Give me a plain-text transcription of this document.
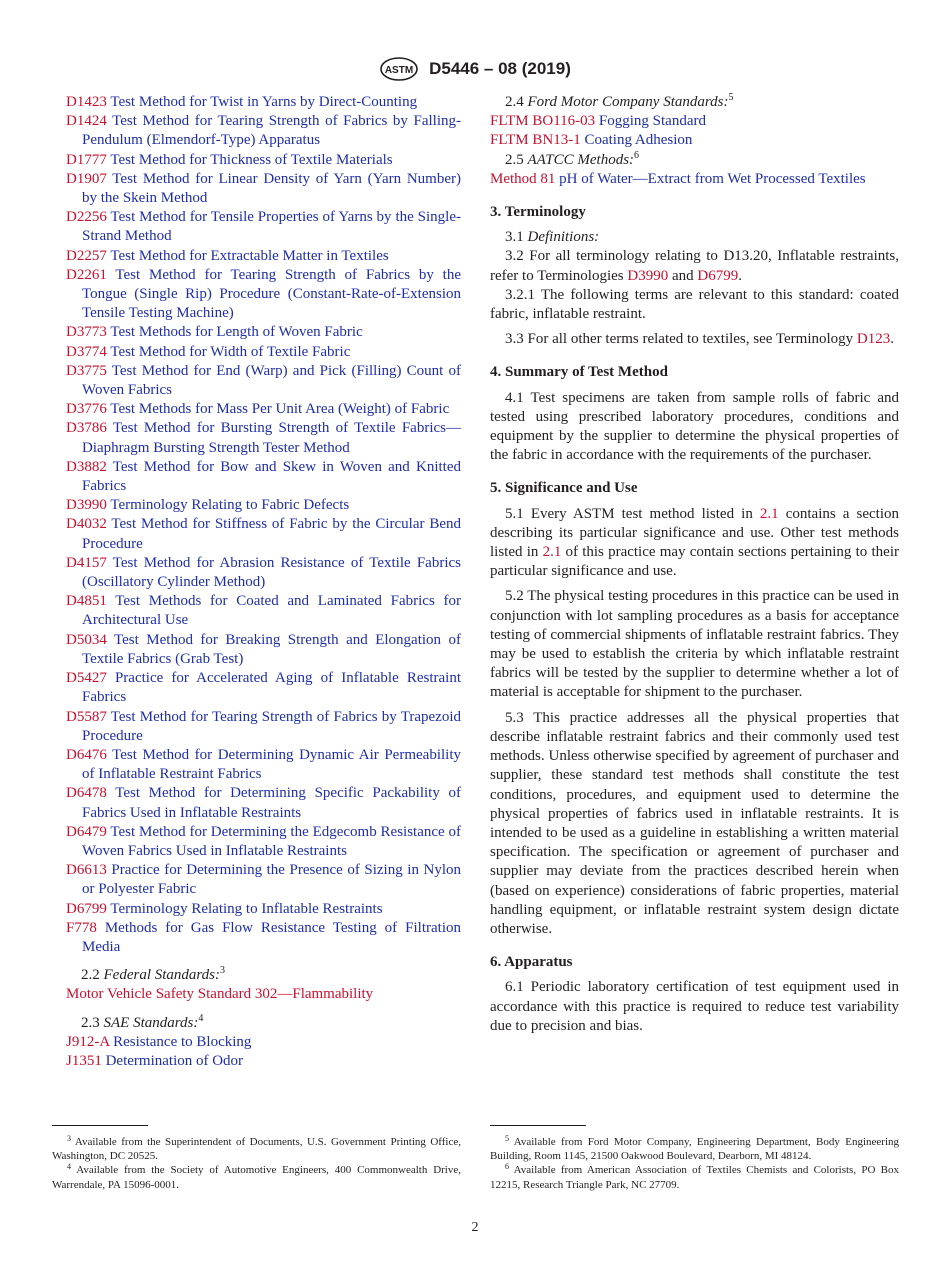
ASTM D5446 – 08 (2019)
D1423 Test Method for Twist in Yarns by Direct-Counting
D1424 Test Method for Tearing Strength of Fabrics by Falling-Pendulum (Elmendorf-Type) Apparatus
D1777 Test Method for Thickness of Textile Materials
D1907 Test Method for Linear Density of Yarn (Yarn Number) by the Skein Method
D2256 Test Method for Tensile Properties of Yarns by the Single-Strand Method
D2257 Test Method for Extractable Matter in Textiles
D2261 Test Method for Tearing Strength of Fabrics by the Tongue (Single Rip) Procedure (Constant-Rate-of-Extension Tensile Testing Machine)
D3773 Test Methods for Length of Woven Fabric
D3774 Test Method for Width of Textile Fabric
D3775 Test Method for End (Warp) and Pick (Filling) Count of Woven Fabrics
D3776 Test Methods for Mass Per Unit Area (Weight) of Fabric
D3786 Test Method for Bursting Strength of Textile Fabrics—Diaphragm Bursting Strength Tester Method
D3882 Test Method for Bow and Skew in Woven and Knitted Fabrics
D3990 Terminology Relating to Fabric Defects
D4032 Test Method for Stiffness of Fabric by the Circular Bend Procedure
D4157 Test Method for Abrasion Resistance of Textile Fabrics (Oscillatory Cylinder Method)
D4851 Test Methods for Coated and Laminated Fabrics for Architectural Use
D5034 Test Method for Breaking Strength and Elongation of Textile Fabrics (Grab Test)
D5427 Practice for Accelerated Aging of Inflatable Restraint Fabrics
D5587 Test Method for Tearing Strength of Fabrics by Trapezoid Procedure
D6476 Test Method for Determining Dynamic Air Permeability of Inflatable Restraint Fabrics
D6478 Test Method for Determining Specific Packability of Fabrics Used in Inflatable Restraints
D6479 Test Method for Determining the Edgecomb Resistance of Woven Fabrics Used in Inflatable Restraints
D6613 Practice for Determining the Presence of Sizing in Nylon or Polyester Fabric
D6799 Terminology Relating to Inflatable Restraints
F778 Methods for Gas Flow Resistance Testing of Filtration Media
2.2 Federal Standards:$^3$
Motor Vehicle Safety Standard 302—Flammability
2.3 SAE Standards:$^4$
J912-A Resistance to Blocking
J1351 Determination of Odor
2.4 Ford Motor Company Standards:$^5$
FLTM BO116-03 Fogging Standard
FLTM BN13-1 Coating Adhesion
2.5 AATCC Methods:$^6$
Method 81 pH of Water—Extract from Wet Processed Textiles
3. Terminology
3.1 Definitions:
3.2 For all terminology relating to D13.20, Inflatable restraints, refer to Terminologies D3990 and D6799.
3.2.1 The following terms are relevant to this standard: coated fabric, inflatable restraint.
3.3 For all other terms related to textiles, see Terminology D123.
4. Summary of Test Method
4.1 Test specimens are taken from sample rolls of fabric and tested using prescribed laboratory procedures, conditions and equipment by the supplier to determine the physical properties of the fabric in accordance with the requirements of the purchaser.
5. Significance and Use
5.1 Every ASTM test method listed in 2.1 contains a section describing its particular significance and use. Other test methods listed in 2.1 of this practice may contain sections pertaining to their particular significance and use.
5.2 The physical testing procedures in this practice can be used in conjunction with lot sampling procedures as a basis for acceptance testing of commercial shipments of inflatable restraint fabrics. They may be used to establish the criteria by which inflatable restraint fabrics will be tested by the supplier to determine whether a lot of material is acceptable for shipment to the purchaser.
5.3 This practice addresses all the physical properties that describe inflatable restraint fabrics and their commonly used test methods. Unless otherwise specified by agreement of purchaser and supplier, these standard test methods shall constitute the test conditions, procedures, and equipment used to determine the physical properties of fabrics used in inflatable restraints. It is intended to be used as a guideline in establishing a written material specification. The specification or agreement of purchaser and supplier may deviate from the practices described herein when (based on experience) considerations of fabric properties, material handling equipment, or inflatable restraint system design dictate otherwise.
6. Apparatus
6.1 Periodic laboratory certification of test equipment used in accordance with this practice is required to reduce test variability due to precision and bias.

$^3$ Available from the Superintendent of Documents, U.S. Government Printing Office, Washington, DC 20525.

$^4$ Available from the Society of Automotive Engineers, 400 Commonwealth Drive, Warrendale, PA 15096-0001.

$^5$ Available from Ford Motor Company, Engineering Department, Body Engineering Building, Room 1145, 21500 Oakwood Boulevard, Dearborn, MI 48124.

$^6$ Available from American Association of Textiles Chemists and Colorists, PO Box 12215, Research Triangle Park, NC 27709.

2
